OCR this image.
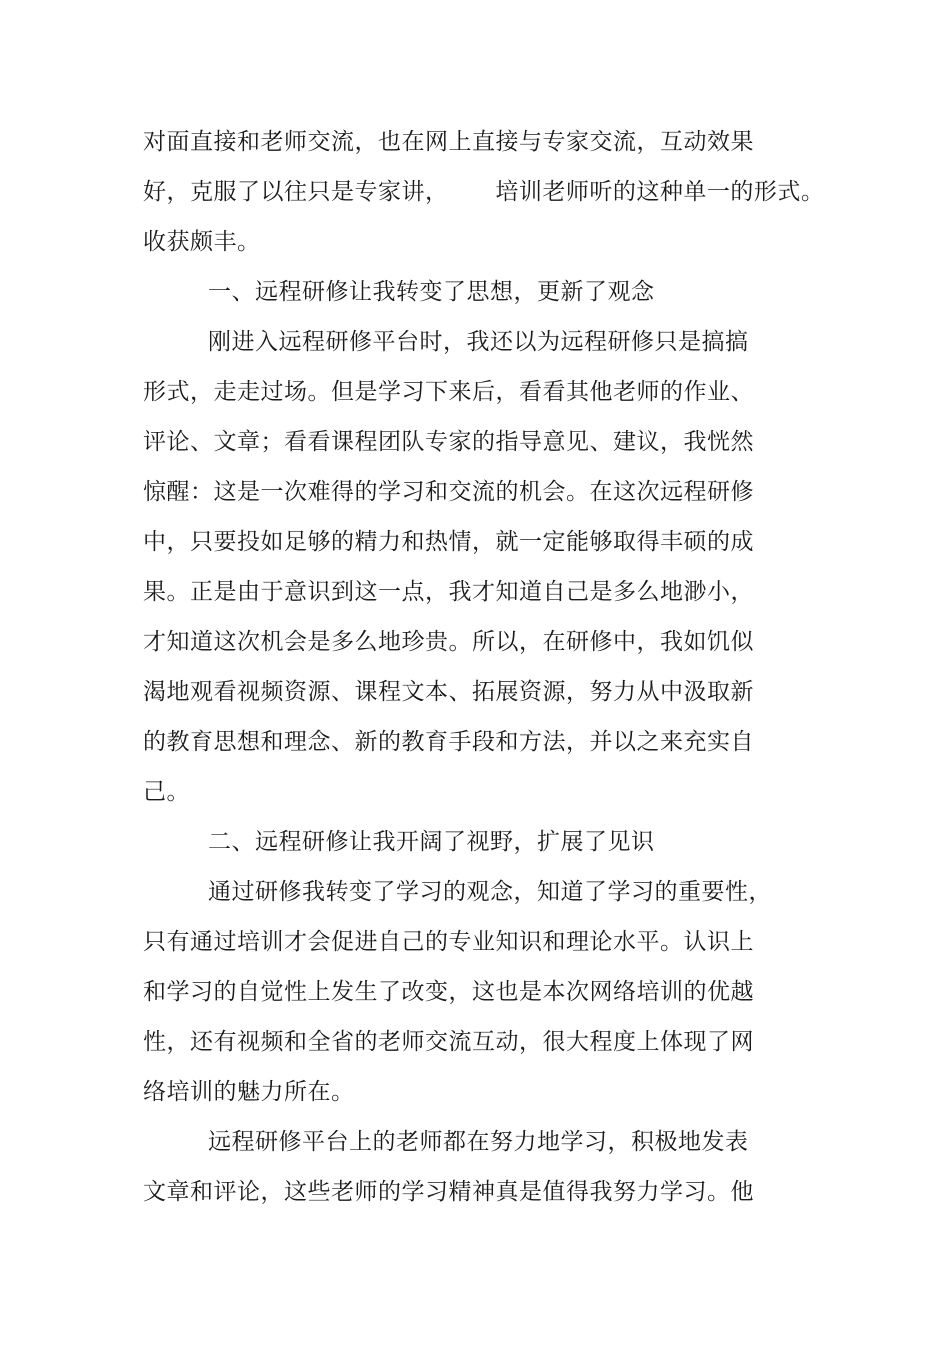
对面直接和老师交流，也在网上直接与专家交流，互动效果

好，克服了以往只是专家讲，      培训老师听的这种单一的形式。

收获颇丰。

一、远程研修让我转变了思想，更新了观念

刚进入远程研修平台时，我还以为远程研修只是搞搞

形式，走走过场。但是学习下来后，看看其他老师的作业、

评论、文章；看看课程团队专家的指导意见、建议，我恍然

惊醒：这是一次难得的学习和交流的机会。在这次远程研修

中，只要投如足够的精力和热情，就一定能够取得丰硕的成

果。正是由于意识到这一点，我才知道自己是多么地渺小，

才知道这次机会是多么地珍贵。所以，在研修中，我如饥似

渴地观看视频资源、课程文本、拓展资源，努力从中汲取新

的教育思想和理念、新的教育手段和方法，并以之来充实自

己。

二、远程研修让我开阔了视野，扩展了见识

通过研修我转变了学习的观念，知道了学习的重要性，

只有通过培训才会促进自己的专业知识和理论水平。认识上

和学习的自觉性上发生了改变，这也是本次网络培训的优越

性，还有视频和全省的老师交流互动，很大程度上体现了网

络培训的魅力所在。

远程研修平台上的老师都在努力地学习，积极地发表

文章和评论，这些老师的学习精神真是值得我努力学习。他
